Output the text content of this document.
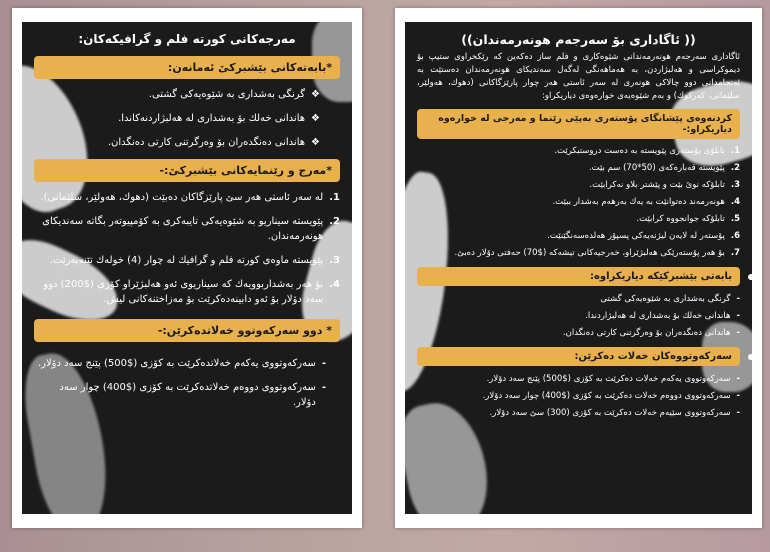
مەرجەکانی کورتە فلم و گرافیکەکان:
*بابەتەکانی بێشبرکێ ئەمانەن:
❖
گرنگی بەشداری بە شێوەیەکی گشتی.
❖
هاندانی خەلك بۆ بەشداری لە هەلبژاردنەکاندا.
❖
هاندانی دەنگدەران بۆ وەرگرتنی کارتی دەنگدان.
*مەرج و رێنمایەکانی بێشبرکێ:-
1.
لە سەر ئاستی هەر سێ پارێزگاکان دەبێت (دهوك، هەولێر، سلێمانی).
2.
پێویستە سیناریو بە شێوەیەکی تایبەکری بە کۆمپیوتەر بگاتە سەندیکای هونەرمەندان.
3.
پێویستە ماوەی کورتە فلم و گرافیك لە چوار (4) خولەك تێنەپەرێت.
4.
بۆ هەر بەشداربوویەك کە سیناریوی ئەو هەلبژێراو کۆزی ($200) دوو سەد دۆلار بۆ ئەو دابینەدەکرێت بۆ مەزاختنەکانی لیش.
* دوو سەرکەوتوو خەلاتدەکرێن:-
-
سەرکەوتووی یەکەم خەلاتدەکرێت بە کۆزی ($500) پێنج سەد دۆلار.
-
سەرکەوتووی دووەم خەلاتدەکرێت بە کۆزی ($400) چوار سەد دۆلار.
(( ئاگاداری بۆ سەرجەم هونەرمەندان))
ئاگاداری سەرجەم هونەرمەندانی شێوەکاری و فلم ساز دەکەین کە رێکخراوی ستیپ بۆ دیموکراسی و هەلبژاردن، بە هەماهەنگی لەگەل سەندیکای هونەرمەندان دەستێت بە ئەنجامدانی دوو چالاکی هونەری لە سەر ئاستی هەر چوار پارێزگاکانی (دهوك، هەولێر، سلێمانی، کەرکوك) و بەم شێوەیەی خوارەوەی دیاریکراو:
کردنەوەی پێشانگای پۆستەری بەپێی رێنما و مەرجی لە خوارەوە دیاریکراو:-
1.
تابلۆی پۆستەری پێویستە بە دەست دروستبکرێت.
2.
پێویستە قەبارەکەی (50*70) سم بێت.
3.
تابلۆکە نوێ بێت و پێشتر بلاو نەکرابێت.
4.
هونەرمەند دەتوانێت بە یەك بەرهەم بەشدار ببێت.
5.
تابلۆکە جوانجووە کرابێت.
6.
پۆستەر لە لایەن لیژنەیەکی پسپۆر هەلدەسەنگێنێت.
7.
بۆ هەر پۆستەرێکی هەلبژێراو، خەرجیەکانی تیشەکە ($70) حەفتی دۆلار دەبێ.
بابەتی بێشبرکێکە دیاریکراوە:
-
گرنگی بەشداری بە شێوەیەکی گشتی
-
هاندانی خەلك بۆ بەشداری لە هەلبژاردندا.
-
هاندانی دەنگدەران بۆ وەرگرتنی کارتی دەنگدان.
سەرکەوتووەکان خەلات دەکرێن:
-
سەرکەوتووی یەکەم خەلات دەکرێت بە کۆزی ($500) پێنج سەد دۆلار.
-
سەرکەوتووی دووەم خەلات دەکرێت بە کۆزی ($400) چوار سەد دۆلار.
-
سەرکەوتووی سێیەم خەلات دەکرێت بە کۆزی (300) سێ سەد دۆلار.
